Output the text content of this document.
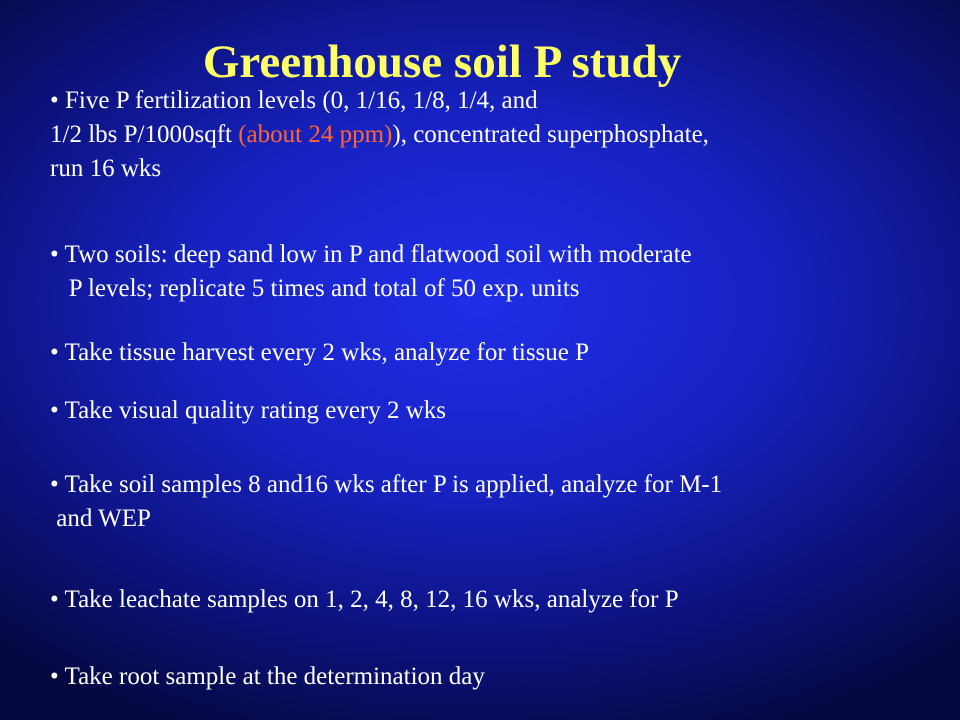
Greenhouse soil P study
• Five P fertilization levels (0, 1/16, 1/8, 1/4, and
1/2 lbs P/1000sqft (about 24 ppm)), concentrated superphosphate,
run 16 wks
• Two soils: deep sand low in P and flatwood soil with moderate
P levels; replicate 5 times and total of 50 exp. units
• Take tissue harvest every 2 wks, analyze for tissue P
• Take visual quality rating every 2 wks
• Take soil samples 8 and16 wks after P is applied, analyze for M-1
and WEP
• Take leachate samples on 1, 2, 4, 8, 12, 16 wks, analyze for P
• Take root sample at the determination day
